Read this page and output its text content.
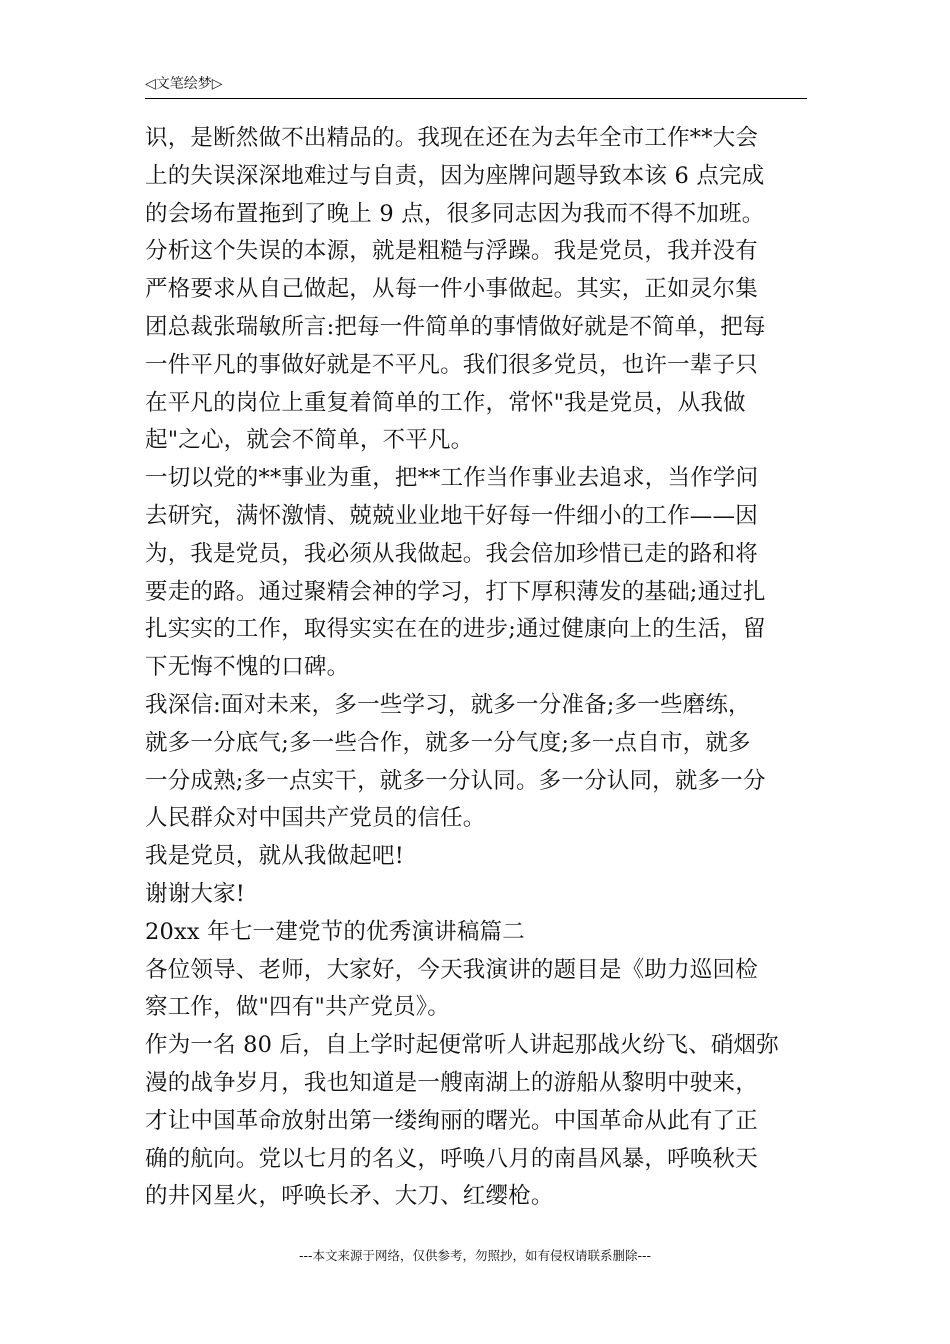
◁文笔绘梦▷
识，是断然做不出精品的。我现在还在为去年全市工作**大会
上的失误深深地难过与自责，因为座牌问题导致本该 6 点完成
的会场布置拖到了晚上 9 点，很多同志因为我而不得不加班。
分析这个失误的本源，就是粗糙与浮躁。我是党员，我并没有
严格要求从自己做起，从每一件小事做起。其实，正如灵尔集
团总裁张瑞敏所言:把每一件简单的事情做好就是不简单，把每
一件平凡的事做好就是不平凡。我们很多党员，也许一辈子只
在平凡的岗位上重复着简单的工作，常怀"我是党员，从我做
起"之心，就会不简单，不平凡。
一切以党的**事业为重，把**工作当作事业去追求，当作学问
去研究，满怀激情、兢兢业业地干好每一件细小的工作——因
为，我是党员，我必须从我做起。我会倍加珍惜已走的路和将
要走的路。通过聚精会神的学习，打下厚积薄发的基础;通过扎
扎实实的工作，取得实实在在的进步;通过健康向上的生活，留
下无悔不愧的口碑。
我深信:面对未来，多一些学习，就多一分准备;多一些磨练，
就多一分底气;多一些合作，就多一分气度;多一点自市，就多
一分成熟;多一点实干，就多一分认同。多一分认同，就多一分
人民群众对中国共产党员的信任。
我是党员，就从我做起吧!
谢谢大家!
20xx 年七一建党节的优秀演讲稿篇二
各位领导、老师，大家好，今天我演讲的题目是《助力巡回检
察工作，做"四有"共产党员》。
作为一名 80 后，自上学时起便常听人讲起那战火纷飞、硝烟弥
漫的战争岁月，我也知道是一艘南湖上的游船从黎明中驶来，
才让中国革命放射出第一缕绚丽的曙光。中国革命从此有了正
确的航向。党以七月的名义，呼唤八月的南昌风暴，呼唤秋天
的井冈星火，呼唤长矛、大刀、红缨枪。
---本文来源于网络，仅供参考，勿照抄，如有侵权请联系删除---
